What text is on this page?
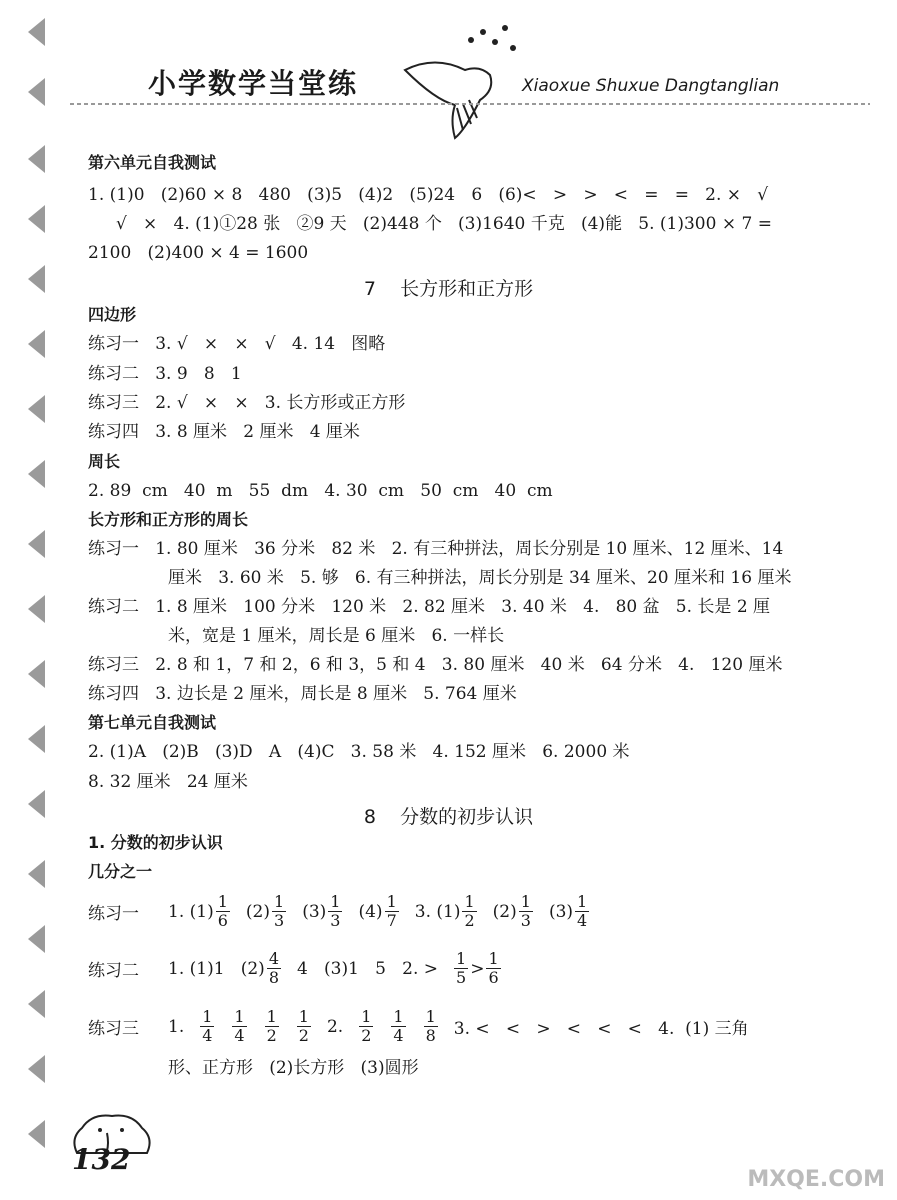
小学数学当堂练	Xiaoxue Shuxue Dangtanglian
第六单元自我测试
1. (1)0   (2)60 × 8   480   (3)5   (4)2   (5)24   6   (6)<   >   >   <   =   =   2. ×   √
√   ×   4. (1)①28 张   ②9 天   (2)448 个   (3)1640 千克   (4)能   5. (1)300 × 7 =
2100   (2)400 × 4 = 1600
7    长方形和正方形
四边形
练习一   3. √   ×   ×   √   4. 14   图略
练习二   3. 9   8   1
练习三   2. √   ×   ×   3. 长方形或正方形
练习四   3. 8 厘米   2 厘米   4 厘米
周长
2. 89  cm   40  m   55  dm   4. 30  cm   50  cm   40  cm
长方形和正方形的周长
练习一   1. 80 厘米   36 分米   82 米   2. 有三种拼法，周长分别是 10 厘米、12 厘米、14
厘米   3. 60 米   5. 够   6. 有三种拼法，周长分别是 34 厘米、20 厘米和 16 厘米
练习二   1. 8 厘米   100 分米   120 米   2. 82 厘米   3. 40 米   4.   80 盆   5. 长是 2 厘
米，宽是 1 厘米，周长是 6 厘米   6. 一样长
练习三   2. 8 和 1，7 和 2，6 和 3，5 和 4   3. 80 厘米   40 米   64 分米   4.   120 厘米
练习四   3. 边长是 2 厘米，周长是 8 厘米   5. 764 厘米
第七单元自我测试
2. (1)A   (2)B   (3)D   A   (4)C   3. 58 米   4. 152 厘米   6. 2000 米
8. 32 厘米   24 厘米
8    分数的初步认识
1. 分数的初步认识
几分之一
练习一	1. (1) 1
6 (2) 1
3 (3) 1
3 (4) 1
7 3. (1) 1
2 (2) 1
3 (3) 1
4
练习二	1. (1)1   (2) 4
8 4   (3)1   5   2. > 1
5 > 1
6
练习三	1. 1
4
1
4
1
2
1
2 2. 1
2
1
4
1
8 3. <   <   >   <   <   <   4.  (1) 三角
形、正方形   (2)长方形   (3)圆形
132
MXQE.COM
